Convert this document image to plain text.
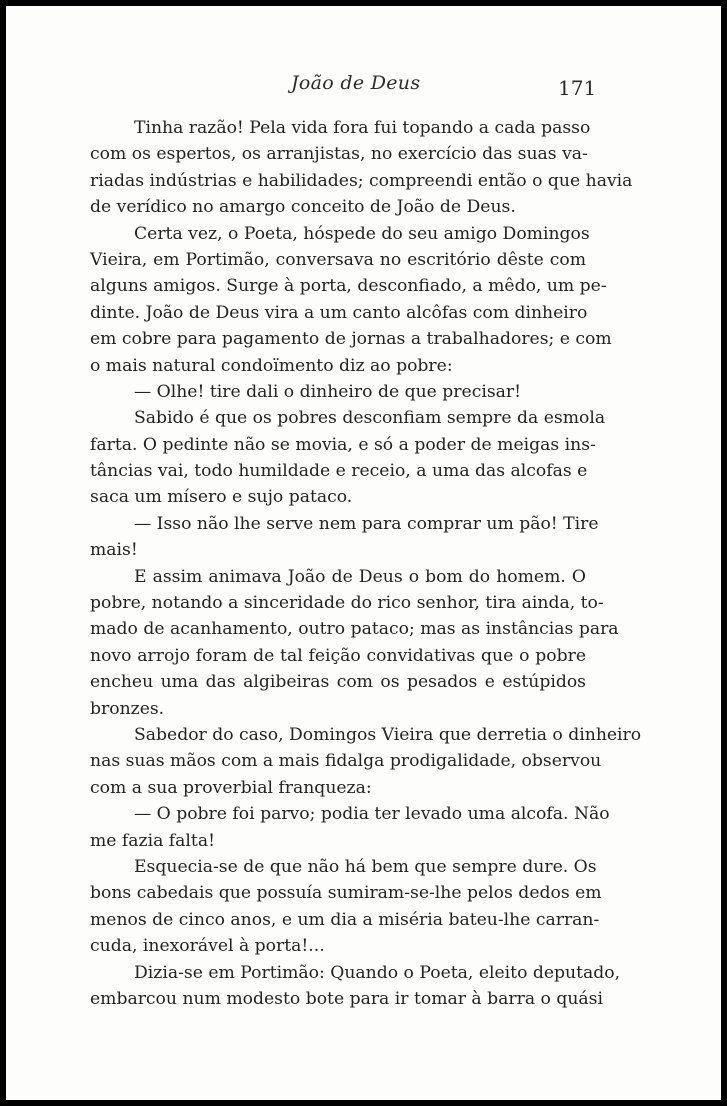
João de Deus	171
Tinha razão! Pela vida fora fui topando a cada passo
com os espertos, os arranjistas, no exercício das suas va-
riadas indústrias e habilidades; compreendi então o que havia
de verídico no amargo conceito de João de Deus.
Certa vez, o Poeta, hóspede do seu amigo Domingos
Vieira, em Portimão, conversava no escritório dêste com
alguns amigos. Surge à porta, desconfiado, a mêdo, um pe-
dinte. João de Deus vira a um canto alcôfas com dinheiro
em cobre para pagamento de jornas a trabalhadores; e com
o mais natural condoïmento diz ao pobre:
— Olhe! tire dali o dinheiro de que precisar!
Sabido é que os pobres desconfiam sempre da esmola
farta. O pedinte não se movia, e só a poder de meigas ins-
tâncias vai, todo humildade e receio, a uma das alcofas e
saca um mísero e sujo pataco.
— Isso não lhe serve nem para comprar um pão! Tire
mais!
E assim animava João de Deus o bom do homem. O
pobre, notando a sinceridade do rico senhor, tira ainda, to-
mado de acanhamento, outro pataco; mas as instâncias para
novo arrojo foram de tal feição convidativas que o pobre
encheu uma das algibeiras com os pesados e estúpidos
bronzes.
Sabedor do caso, Domingos Vieira que derretia o dinheiro
nas suas mãos com a mais fidalga prodigalidade, observou
com a sua proverbial franqueza:
— O pobre foi parvo; podia ter levado uma alcofa. Não
me fazia falta!
Esquecia-se de que não há bem que sempre dure. Os
bons cabedais que possuía sumiram-se-lhe pelos dedos em
menos de cinco anos, e um dia a miséria bateu-lhe carran-
cuda, inexorável à porta!...
Dizia-se em Portimão: Quando o Poeta, eleito deputado,
embarcou num modesto bote para ir tomar à barra o quási
